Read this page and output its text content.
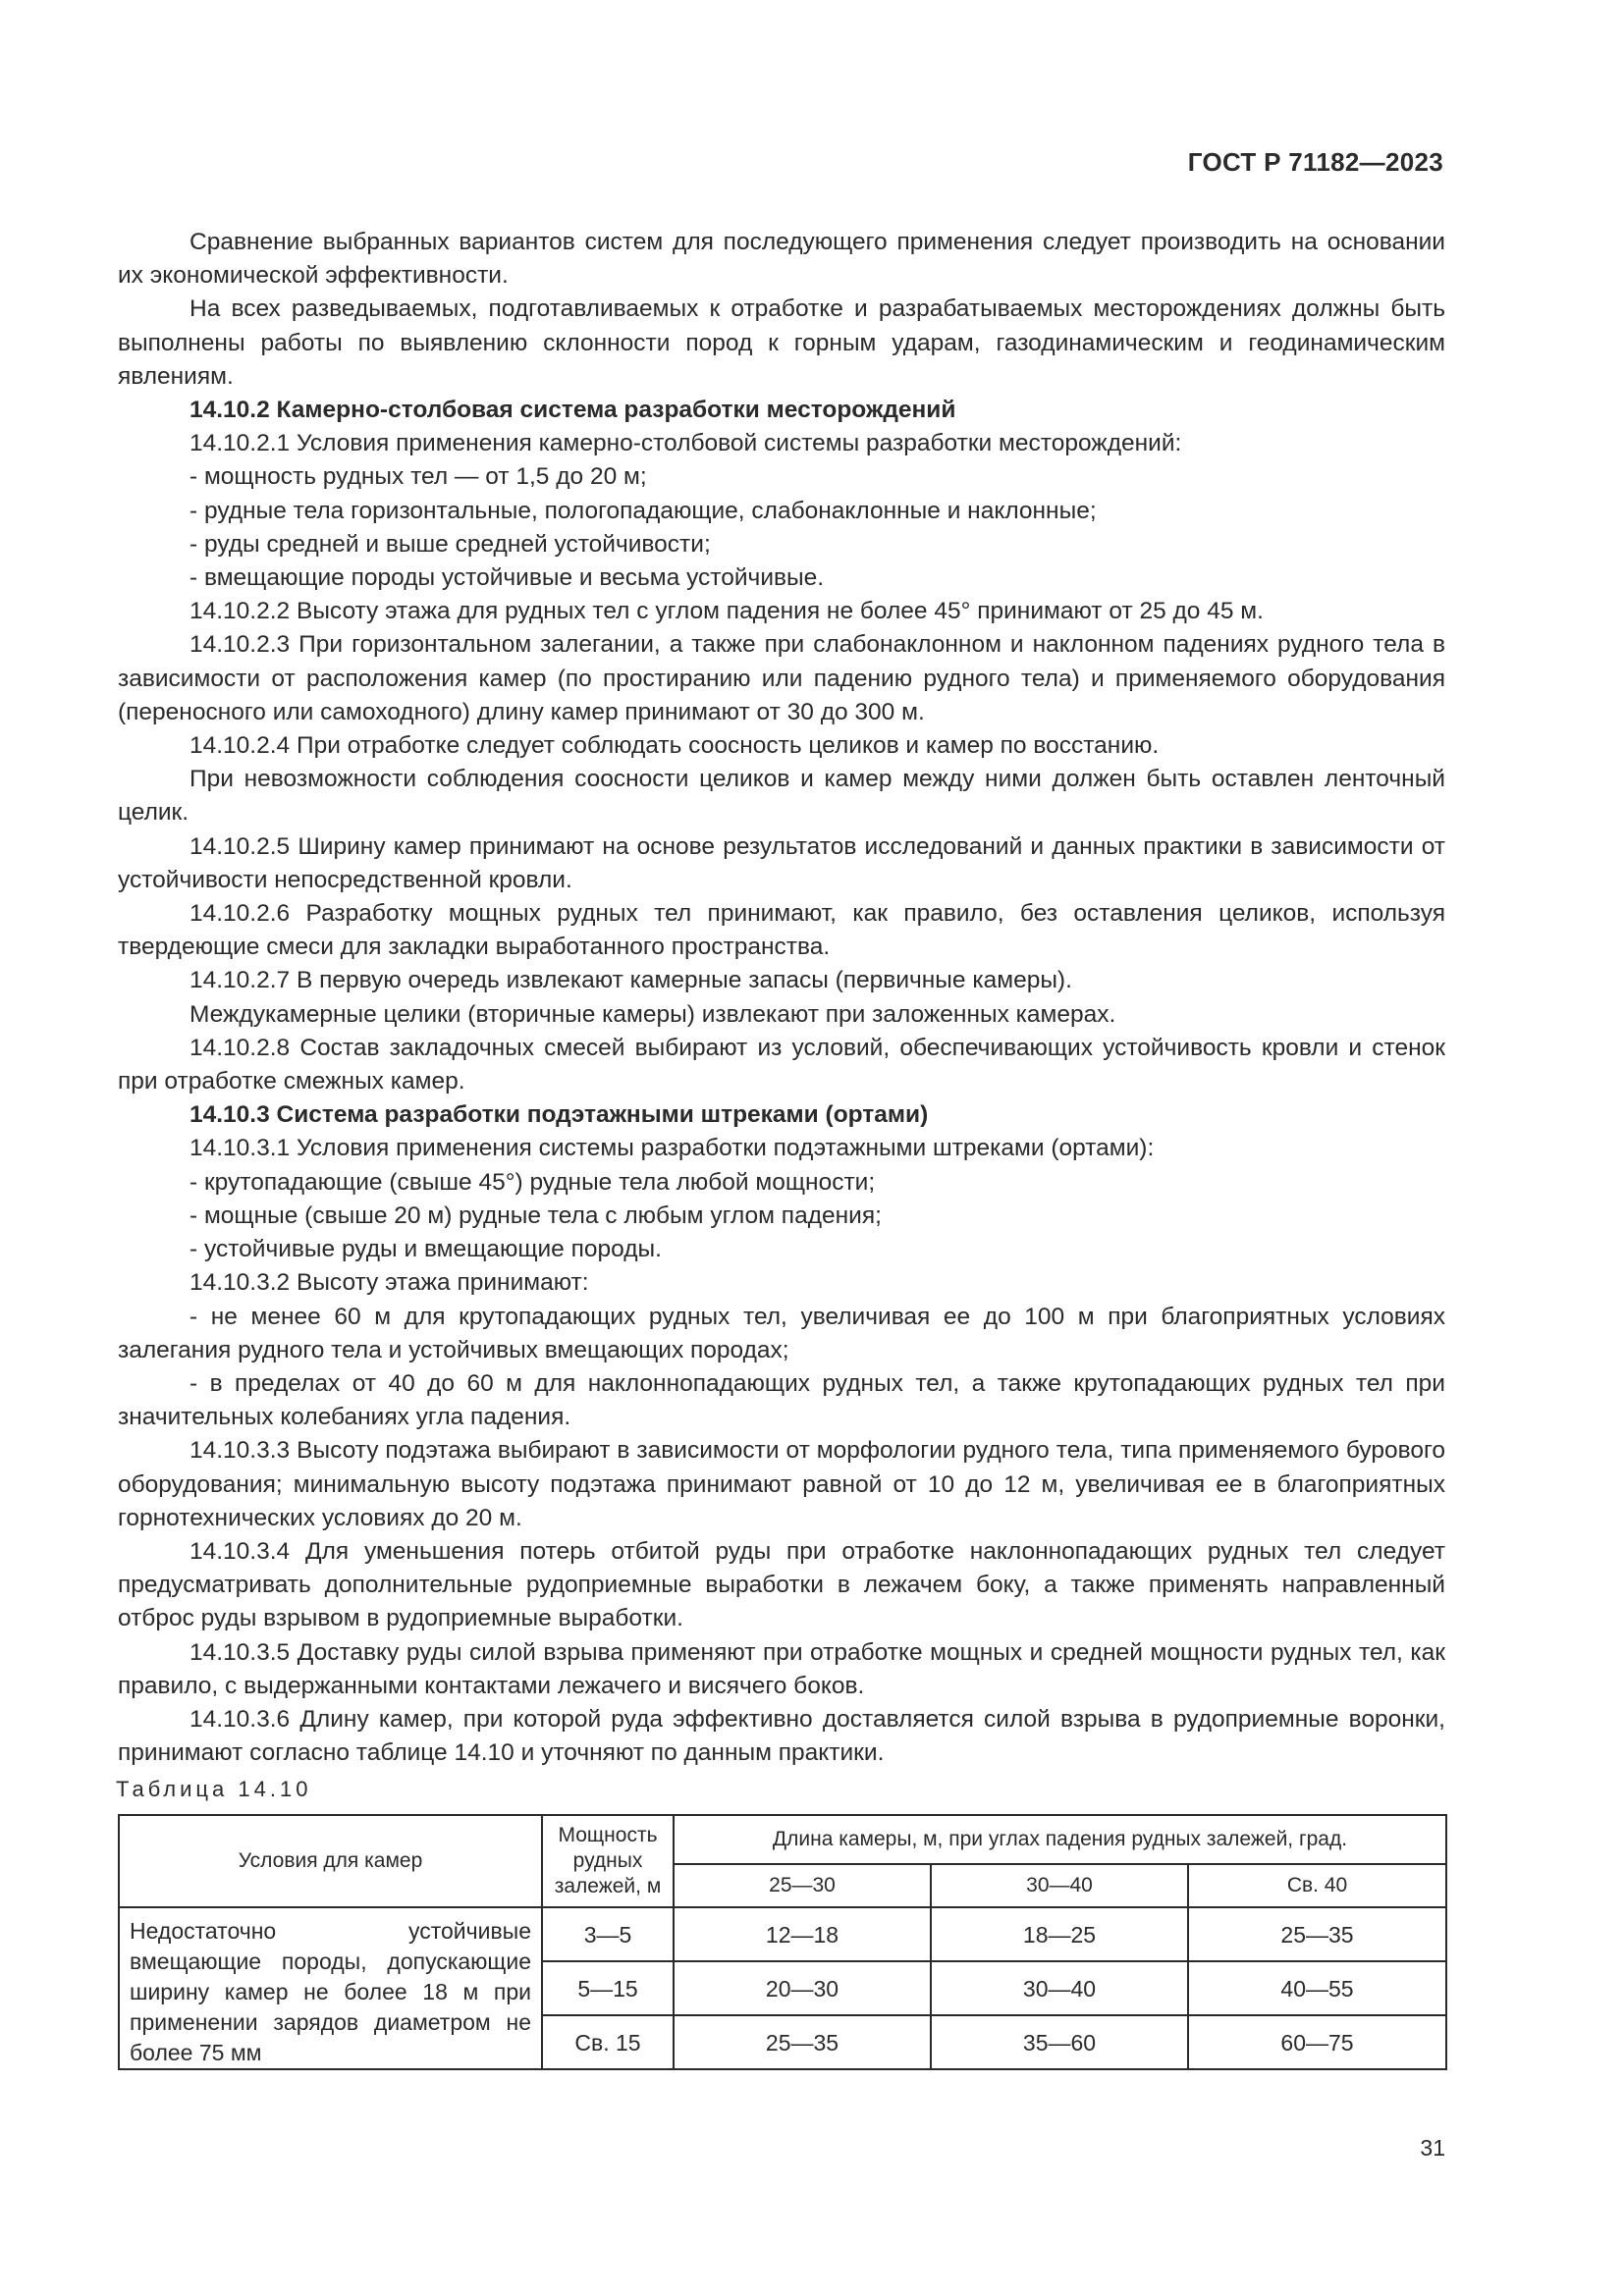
ГОСТ Р 71182—2023

Сравнение выбранных вариантов систем для последующего применения следует производить на основании их экономической эффективности.

На всех разведываемых, подготавливаемых к отработке и разрабатываемых месторождениях должны быть выполнены работы по выявлению склонности пород к горным ударам, газодинамическим и геодинамическим явлениям.

14.10.2 Камерно-столбовая система разработки месторождений

14.10.2.1 Условия применения камерно-столбовой системы разработки месторождений:

- мощность рудных тел — от 1,5 до 20 м;

- рудные тела горизонтальные, пологопадающие, слабонаклонные и наклонные;

- руды средней и выше средней устойчивости;

- вмещающие породы устойчивые и весьма устойчивые.

14.10.2.2 Высоту этажа для рудных тел с углом падения не более 45° принимают от 25 до 45 м.

14.10.2.3 При горизонтальном залегании, а также при слабонаклонном и наклонном падениях рудного тела в зависимости от расположения камер (по простиранию или падению рудного тела) и применяемого оборудования (переносного или самоходного) длину камер принимают от 30 до 300 м.

14.10.2.4 При отработке следует соблюдать соосность целиков и камер по восстанию.

При невозможности соблюдения соосности целиков и камер между ними должен быть оставлен ленточный целик.

14.10.2.5 Ширину камер принимают на основе результатов исследований и данных практики в зависимости от устойчивости непосредственной кровли.

14.10.2.6 Разработку мощных рудных тел принимают, как правило, без оставления целиков, используя твердеющие смеси для закладки выработанного пространства.

14.10.2.7 В первую очередь извлекают камерные запасы (первичные камеры).

Междукамерные целики (вторичные камеры) извлекают при заложенных камерах.

14.10.2.8 Состав закладочных смесей выбирают из условий, обеспечивающих устойчивость кровли и стенок при отработке смежных камер.

14.10.3 Система разработки подэтажными штреками (ортами)

14.10.3.1 Условия применения системы разработки подэтажными штреками (ортами):

- крутопадающие (свыше 45°) рудные тела любой мощности;

- мощные (свыше 20 м) рудные тела с любым углом падения;

- устойчивые руды и вмещающие породы.

14.10.3.2 Высоту этажа принимают:

- не менее 60 м для крутопадающих рудных тел, увеличивая ее до 100 м при благоприятных условиях залегания рудного тела и устойчивых вмещающих породах;

- в пределах от 40 до 60 м для наклоннопадающих рудных тел, а также крутопадающих рудных тел при значительных колебаниях угла падения.

14.10.3.3 Высоту подэтажа выбирают в зависимости от морфологии рудного тела, типа применяемого бурового оборудования; минимальную высоту подэтажа принимают равной от 10 до 12 м, увеличивая ее в благоприятных горнотехнических условиях до 20 м.

14.10.3.4 Для уменьшения потерь отбитой руды при отработке наклоннопадающих рудных тел следует предусматривать дополнительные рудоприемные выработки в лежачем боку, а также применять направленный отброс руды взрывом в рудоприемные выработки.

14.10.3.5 Доставку руды силой взрыва применяют при отработке мощных и средней мощности рудных тел, как правило, с выдержанными контактами лежачего и висячего боков.

14.10.3.6 Длину камер, при которой руда эффективно доставляется силой взрыва в рудоприемные воронки, принимают согласно таблице 14.10 и уточняют по данным практики.

Таблица 14.10
Условия для камер	Мощность рудных залежей, м	Длина камеры, м, при углах падения рудных залежей, град.		
		25—30	30—40	Св. 40
Недостаточно устойчивые вмещающие породы, допускающие ширину камер не более 18 м при применении зарядов диаметром не более 75 мм	3—5	12—18	18—25	25—35
	5—15	20—30	30—40	40—55
	Св. 15	25—35	35—60	60—75
31
